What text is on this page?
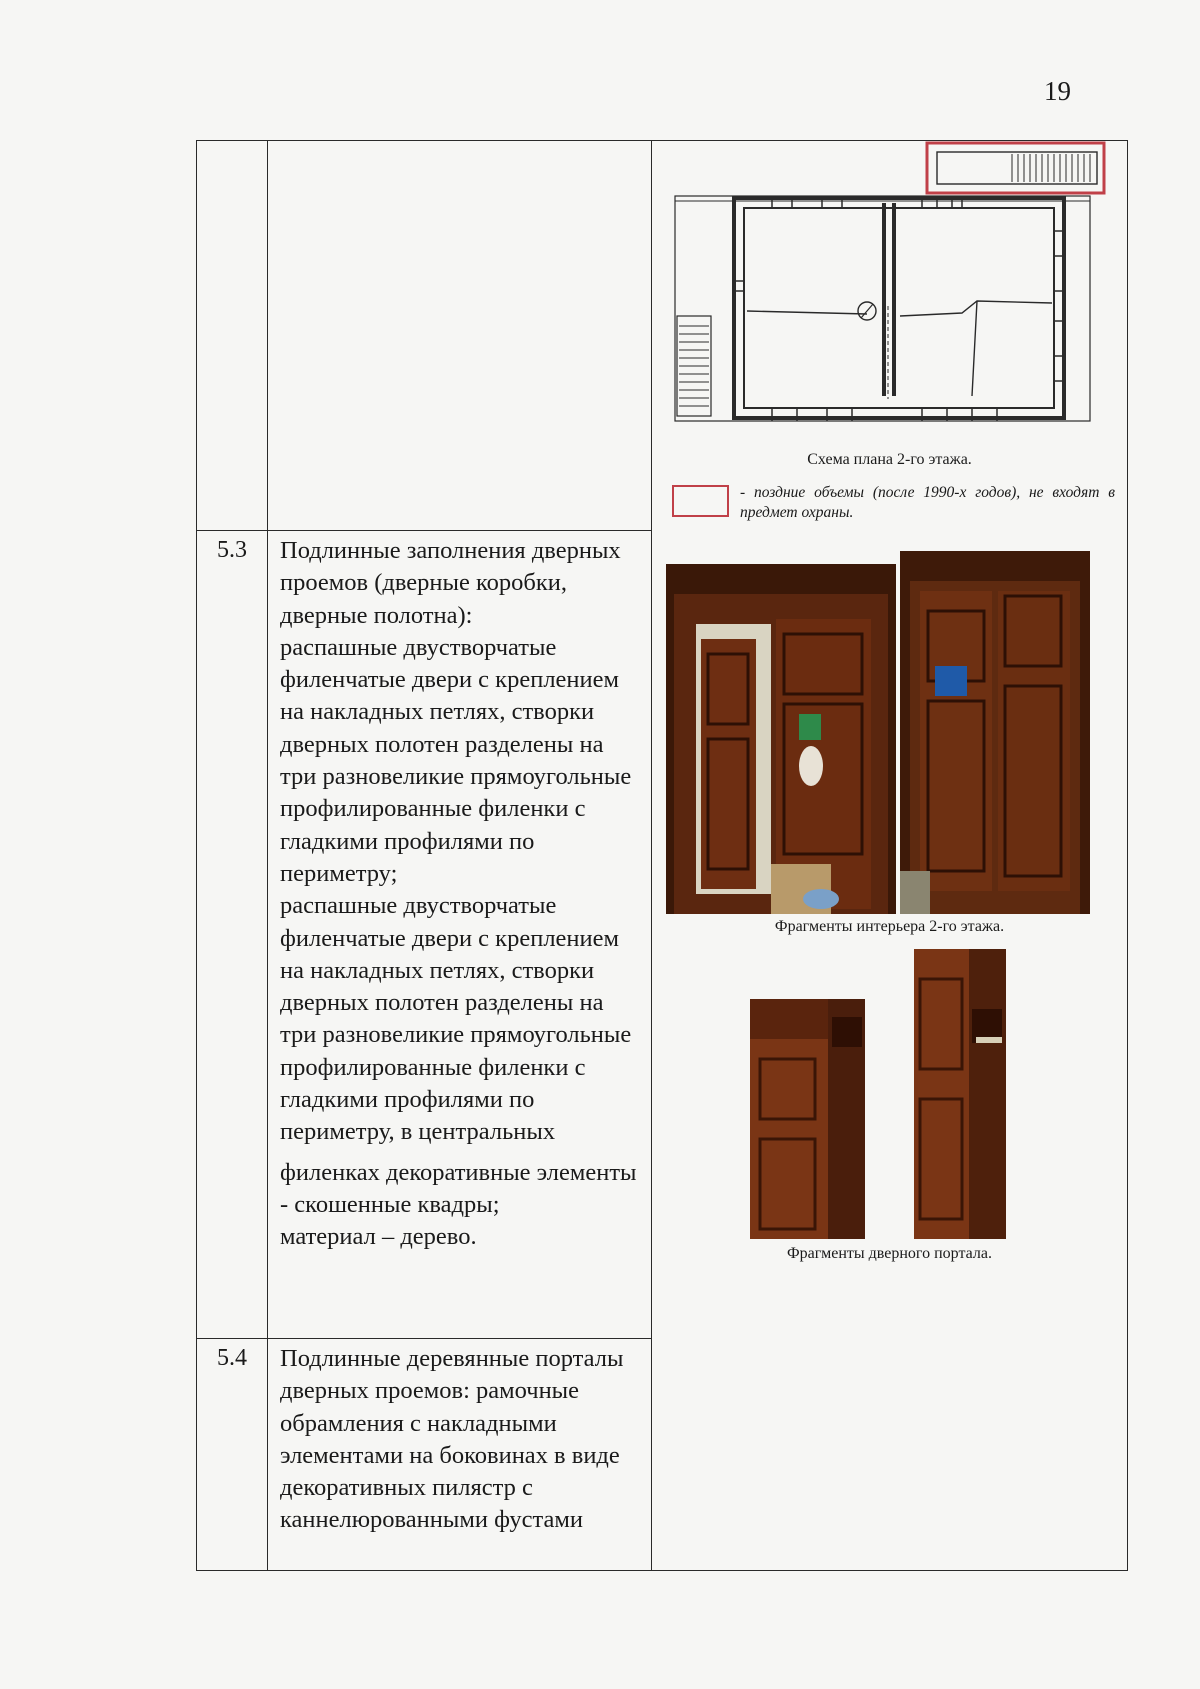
19

		Схема плана 2-го этажа.
- поздние объемы (после 1990-х годов), не входят в предмет охраны.
Фрагменты интерьера 2-го этажа.
Фрагменты дверного портала.

5.3	Подлинные заполнения дверных проемов (дверные коробки, дверные полотна):

распашные двустворчатые филенчатые двери с креплением на накладных петлях, створки дверных полотен разделены на три разновеликие прямоугольные профилированные филенки с гладкими профилями по периметру;

распашные двустворчатые филенчатые двери с креплением на накладных петлях, створки дверных полотен разделены на три разновеликие прямоугольные профилированные филенки с гладкими профилями по периметру, в центральных

филенках декоративные элементы - скошенные квадры;

материал – дерево.	

5.4	Подлинные деревянные порталы дверных проемов: рамочные обрамления с накладными элементами на боковинах в виде декоративных пилястр с каннелюрованными фустами	
